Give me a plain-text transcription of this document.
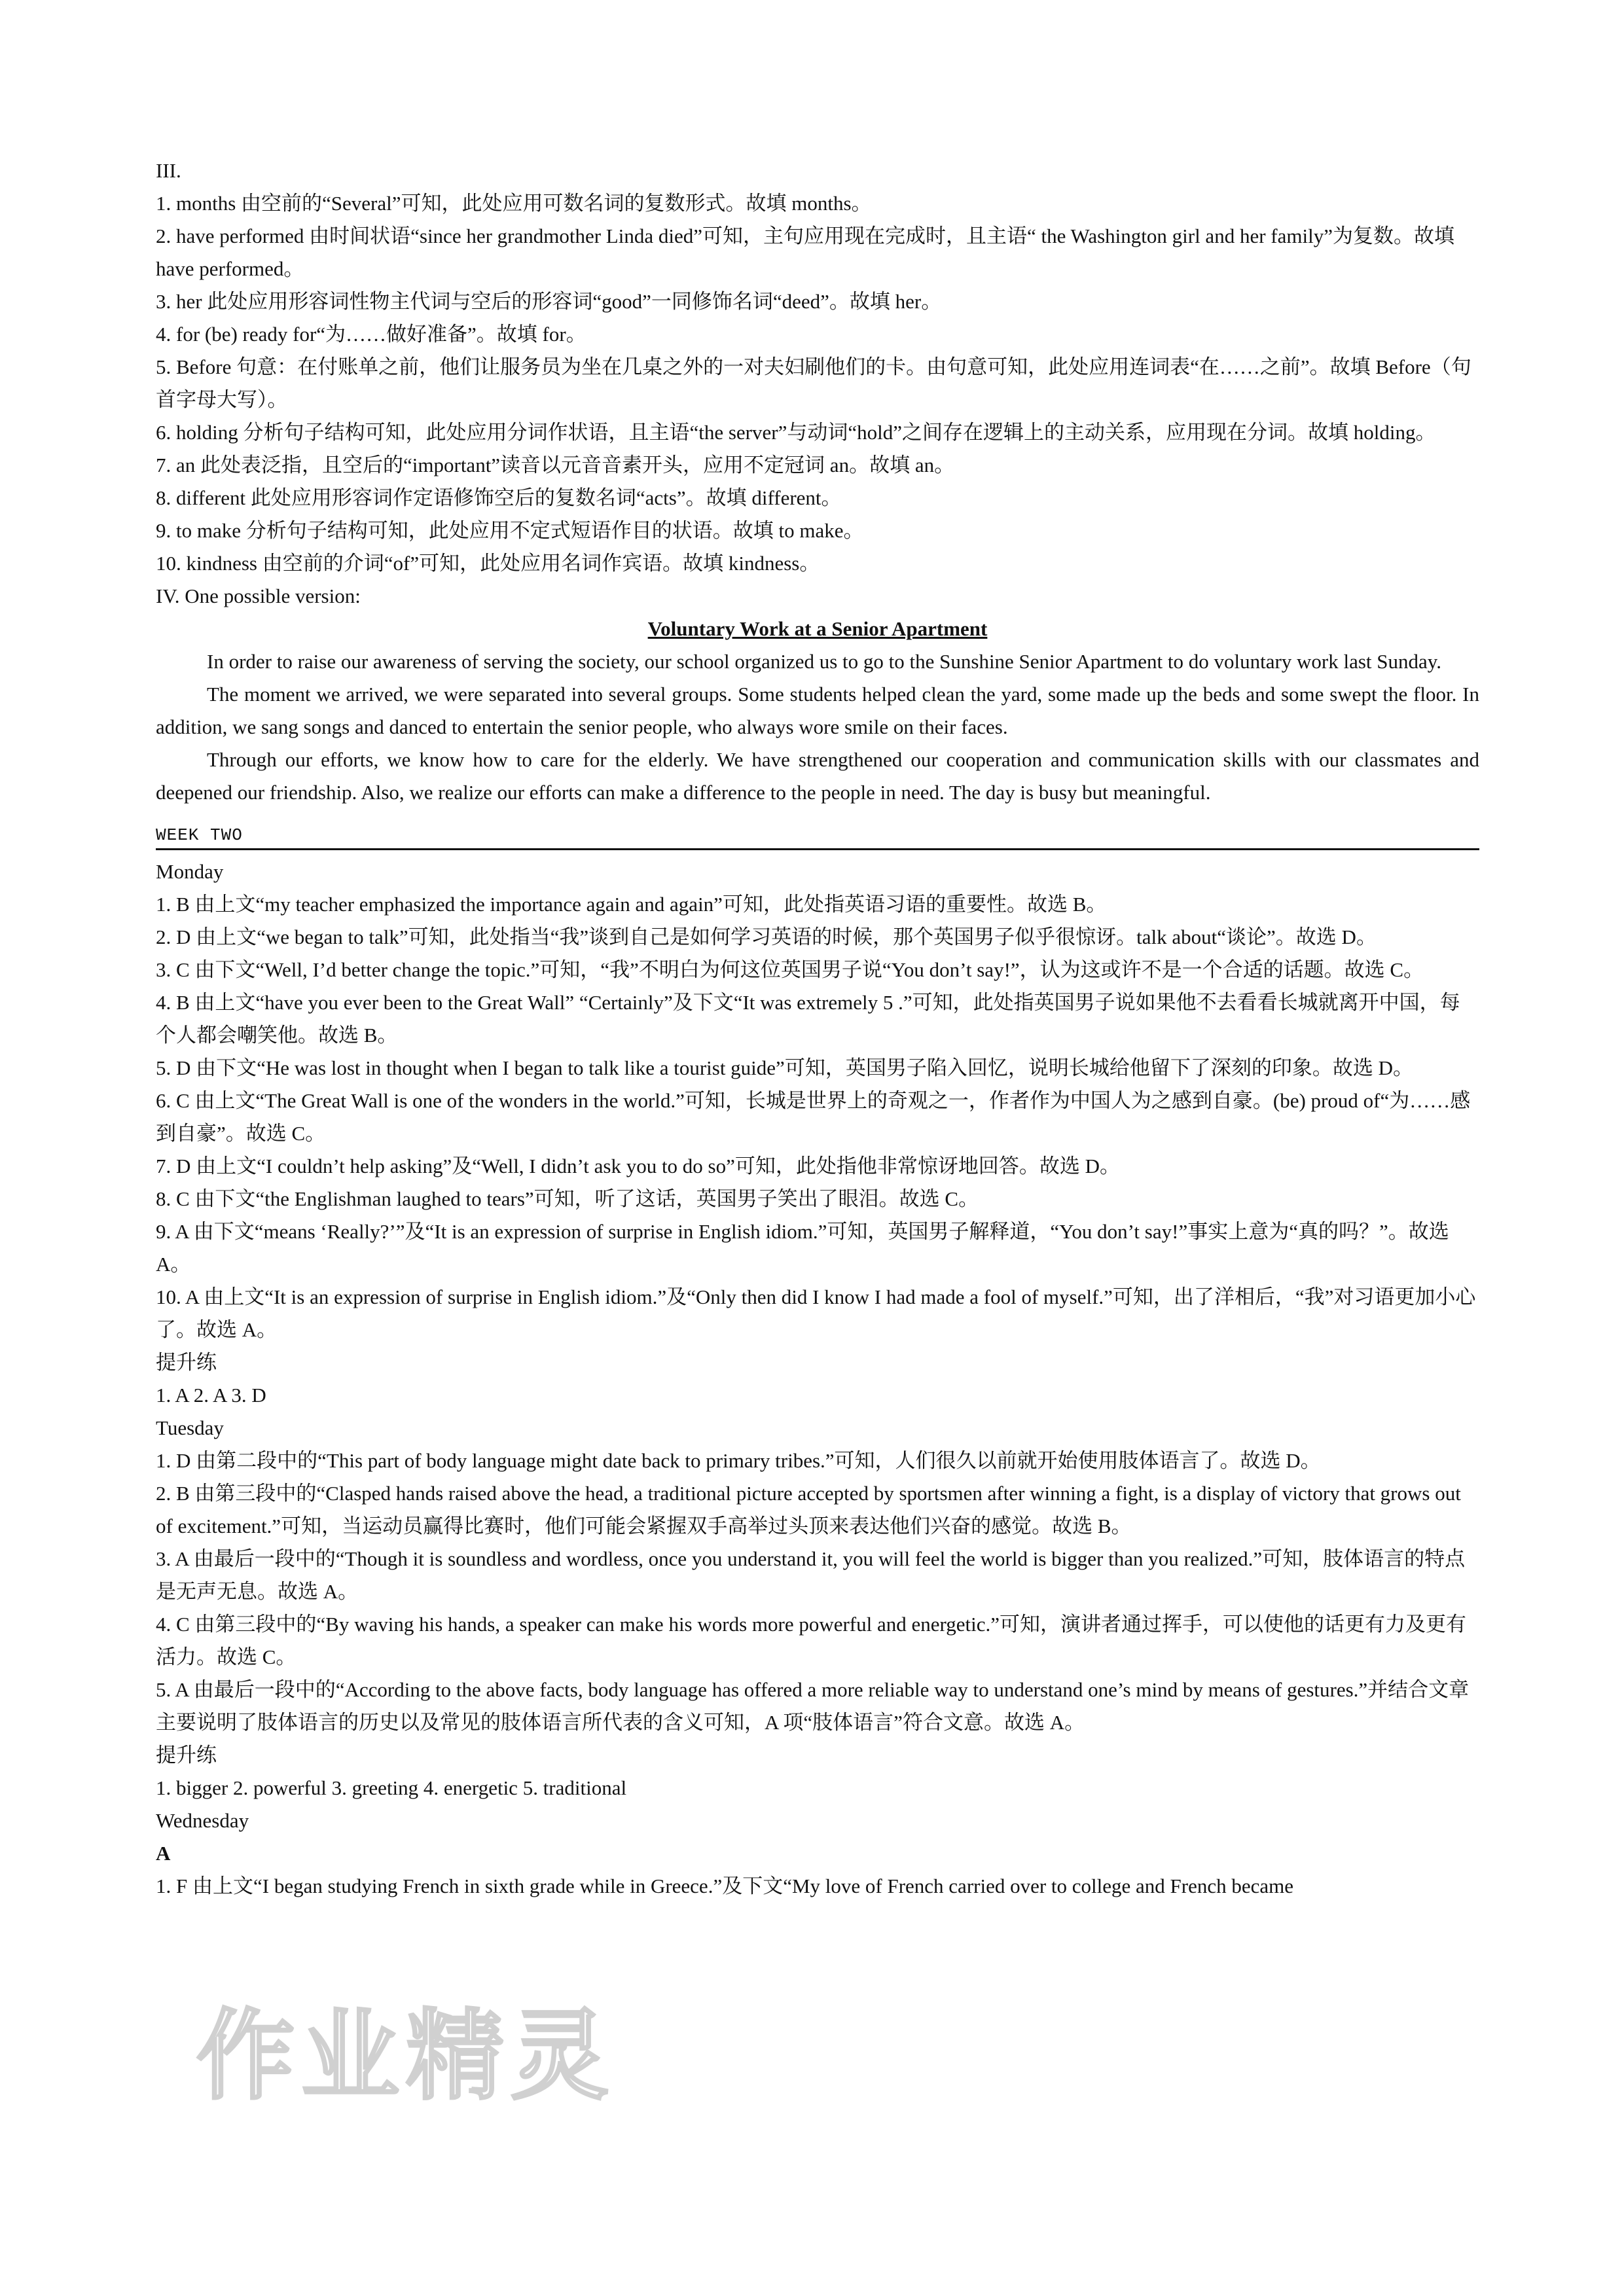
III.

1. months 由空前的“Several”可知，此处应用可数名词的复数形式。故填 months。

2. have performed 由时间状语“since her grandmother Linda died”可知，主句应用现在完成时，且主语“ the Washington girl and her family”为复数。故填 have performed。

3. her 此处应用形容词性物主代词与空后的形容词“good”一同修饰名词“deed”。故填 her。

4. for (be) ready for“为……做好准备”。故填 for。

5. Before 句意：在付账单之前，他们让服务员为坐在几桌之外的一对夫妇刷他们的卡。由句意可知，此处应用连词表“在……之前”。故填 Before（句首字母大写）。

6. holding 分析句子结构可知，此处应用分词作状语，且主语“the server”与动词“hold”之间存在逻辑上的主动关系，应用现在分词。故填 holding。

7. an 此处表泛指，且空后的“important”读音以元音音素开头，应用不定冠词 an。故填 an。

8. different 此处应用形容词作定语修饰空后的复数名词“acts”。故填 different。

9. to make 分析句子结构可知，此处应用不定式短语作目的状语。故填 to make。

10. kindness 由空前的介词“of”可知，此处应用名词作宾语。故填 kindness。

IV. One possible version:

Voluntary Work at a Senior Apartment

In order to raise our awareness of serving the society, our school organized us to go to the Sunshine Senior Apartment to do voluntary work last Sunday.

The moment we arrived, we were separated into several groups. Some students helped clean the yard, some made up the beds and some swept the floor. In addition, we sang songs and danced to entertain the senior people, who always wore smile on their faces.

Through our efforts, we know how to care for the elderly. We have strengthened our cooperation and communication skills with our classmates and deepened our friendship. Also, we realize our efforts can make a difference to the people in need. The day is busy but meaningful.

WEEK TWO

Monday

1. B 由上文“my teacher emphasized the importance again and again”可知，此处指英语习语的重要性。故选 B。

2. D 由上文“we began to talk”可知，此处指当“我”谈到自己是如何学习英语的时候，那个英国男子似乎很惊讶。talk about“谈论”。故选 D。

3. C 由下文“Well, I’d better change the topic.”可知，“我”不明白为何这位英国男子说“You don’t say!”，认为这或许不是一个合适的话题。故选 C。

4. B 由上文“have you ever been to the Great Wall” “Certainly”及下文“It was extremely 5 .”可知，此处指英国男子说如果他不去看看长城就离开中国，每个人都会嘲笑他。故选 B。

5. D 由下文“He was lost in thought when I began to talk like a tourist guide”可知，英国男子陷入回忆，说明长城给他留下了深刻的印象。故选 D。

6. C 由上文“The Great Wall is one of the wonders in the world.”可知，长城是世界上的奇观之一，作者作为中国人为之感到自豪。(be) proud of“为……感到自豪”。故选 C。

7. D 由上文“I couldn’t help asking”及“Well, I didn’t ask you to do so”可知，此处指他非常惊讶地回答。故选 D。

8. C 由下文“the Englishman laughed to tears”可知，听了这话，英国男子笑出了眼泪。故选 C。

9. A 由下文“means ‘Really?’”及“It is an expression of surprise in English idiom.”可知，英国男子解释道，“You don’t say!”事实上意为“真的吗？”。故选 A。

10. A 由上文“It is an expression of surprise in English idiom.”及“Only then did I know I had made a fool of myself.”可知，出了洋相后，“我”对习语更加小心了。故选 A。

提升练

1. A 2. A 3. D

Tuesday

1. D 由第二段中的“This part of body language might date back to primary tribes.”可知，人们很久以前就开始使用肢体语言了。故选 D。

2. B 由第三段中的“Clasped hands raised above the head, a traditional picture accepted by sportsmen after winning a fight, is a display of victory that grows out of excitement.”可知，当运动员赢得比赛时，他们可能会紧握双手高举过头顶来表达他们兴奋的感觉。故选 B。

3. A 由最后一段中的“Though it is soundless and wordless, once you understand it, you will feel the world is bigger than you realized.”可知，肢体语言的特点是无声无息。故选 A。

4. C 由第三段中的“By waving his hands, a speaker can make his words more powerful and energetic.”可知，演讲者通过挥手，可以使他的话更有力及更有活力。故选 C。

5. A 由最后一段中的“According to the above facts, body language has offered a more reliable way to understand one’s mind by means of gestures.”并结合文章主要说明了肢体语言的历史以及常见的肢体语言所代表的含义可知，A 项“肢体语言”符合文意。故选 A。

提升练

1. bigger 2. powerful 3. greeting 4. energetic 5. traditional

Wednesday

A

1. F 由上文“I began studying French in sixth grade while in Greece.”及下文“My love of French carried over to college and French became

作业精灵
